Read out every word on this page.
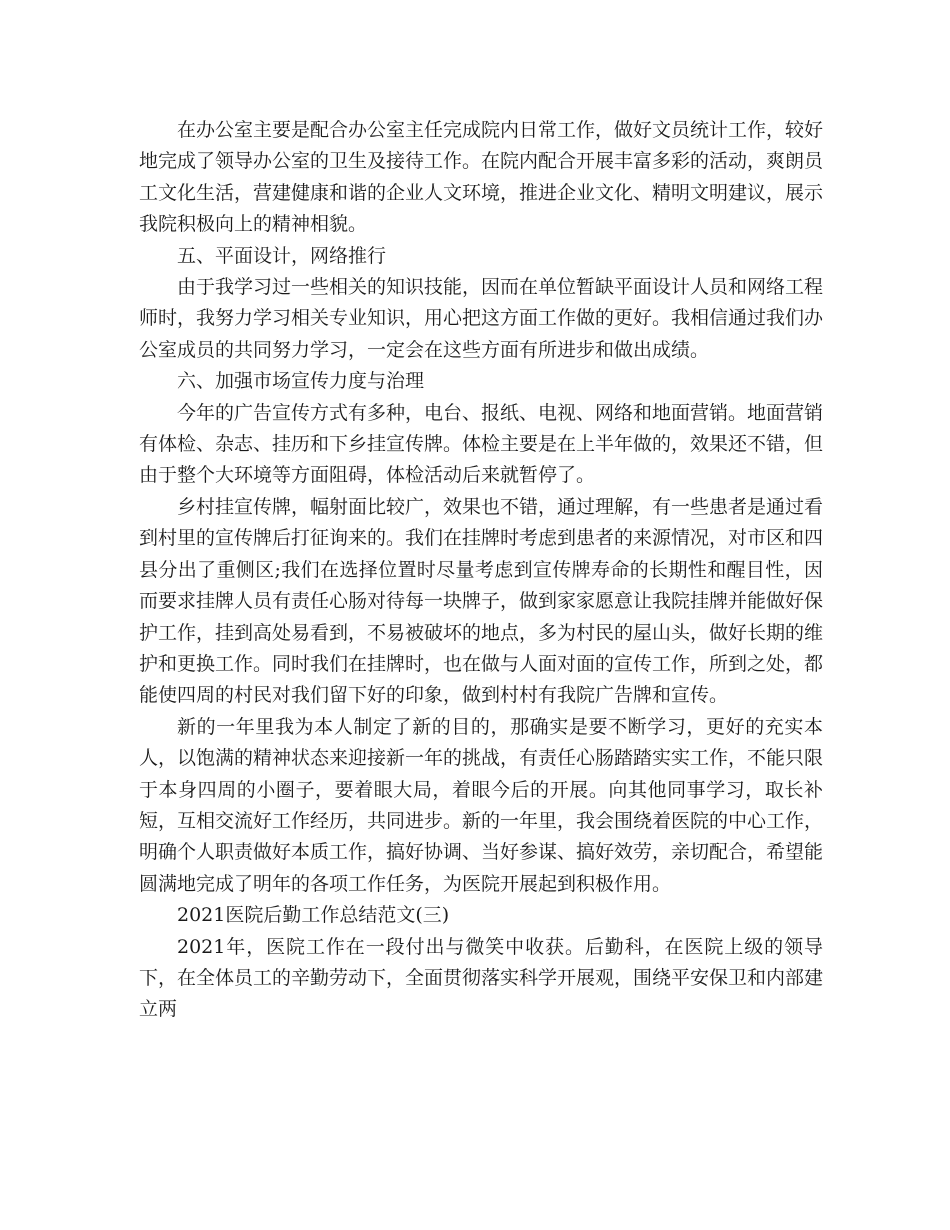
在办公室主要是配合办公室主任完成院内日常工作，做好文员统计工作，较好地完成了领导办公室的卫生及接待工作。在院内配合开展丰富多彩的活动，爽朗员工文化生活，营建健康和谐的企业人文环境，推进企业文化、精明文明建议，展示我院积极向上的精神相貌。

五、平面设计，网络推行

由于我学习过一些相关的知识技能，因而在单位暂缺平面设计人员和网络工程师时，我努力学习相关专业知识，用心把这方面工作做的更好。我相信通过我们办公室成员的共同努力学习，一定会在这些方面有所进步和做出成绩。

六、加强市场宣传力度与治理

今年的广告宣传方式有多种，电台、报纸、电视、网络和地面营销。地面营销有体检、杂志、挂历和下乡挂宣传牌。体检主要是在上半年做的，效果还不错，但由于整个大环境等方面阻碍，体检活动后来就暂停了。

乡村挂宣传牌，幅射面比较广，效果也不错，通过理解，有一些患者是通过看到村里的宣传牌后打征询来的。我们在挂牌时考虑到患者的来源情况，对市区和四县分出了重侧区;我们在选择位置时尽量考虑到宣传牌寿命的长期性和醒目性，因而要求挂牌人员有责任心肠对待每一块牌子，做到家家愿意让我院挂牌并能做好保护工作，挂到高处易看到，不易被破坏的地点，多为村民的屋山头，做好长期的维护和更换工作。同时我们在挂牌时，也在做与人面对面的宣传工作，所到之处，都能使四周的村民对我们留下好的印象，做到村村有我院广告牌和宣传。

新的一年里我为本人制定了新的目的，那确实是要不断学习，更好的充实本人，以饱满的精神状态来迎接新一年的挑战，有责任心肠踏踏实实工作，不能只限于本身四周的小圈子，要着眼大局，着眼今后的开展。向其他同事学习，取长补短，互相交流好工作经历，共同进步。新的一年里，我会围绕着医院的中心工作，明确个人职责做好本质工作，搞好协调、当好参谋、搞好效劳，亲切配合，希望能圆满地完成了明年的各项工作任务，为医院开展起到积极作用。

2021医院后勤工作总结范文(三)

2021年，医院工作在一段付出与微笑中收获。后勤科，在医院上级的领导下，在全体员工的辛勤劳动下，全面贯彻落实科学开展观，围绕平安保卫和内部建立两
